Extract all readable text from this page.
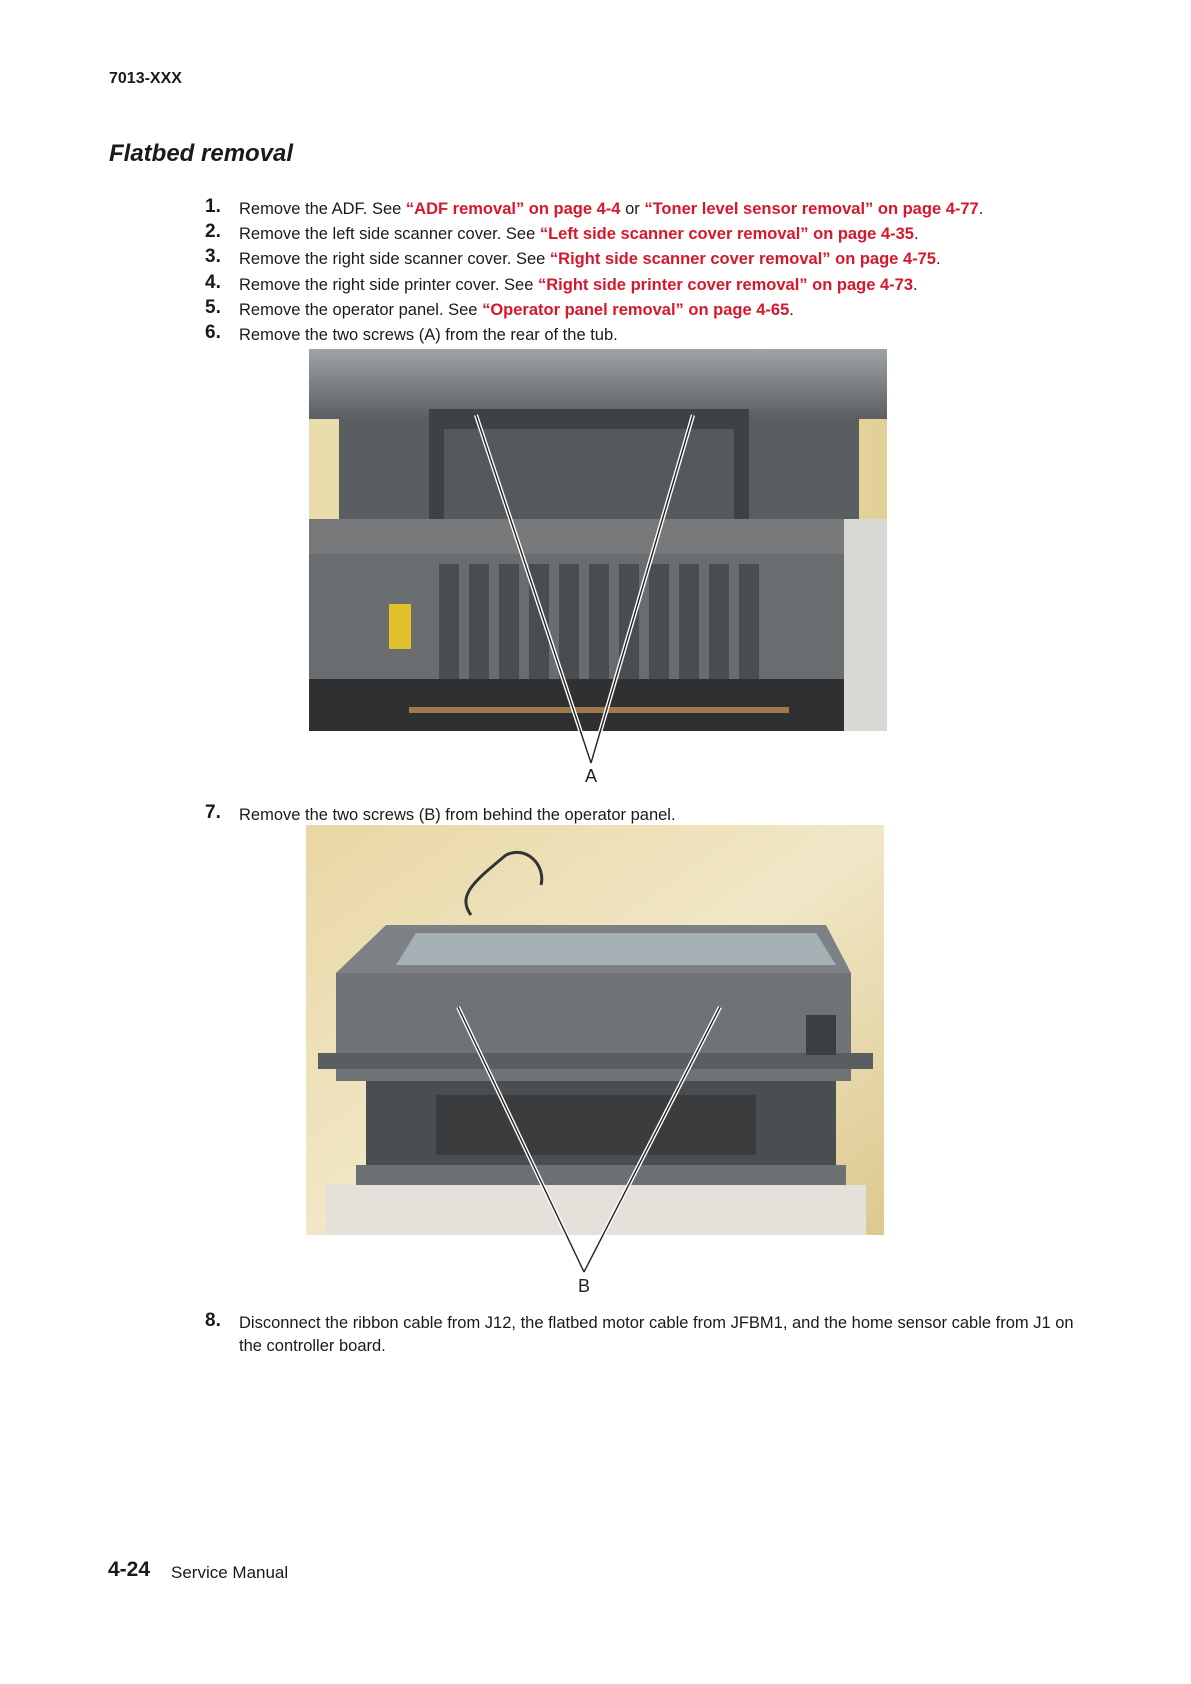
7013-XXX
Flatbed removal
1.	Remove the ADF. See “ADF removal” on page 4-4 or “Toner level sensor removal” on page 4-77.
2.	Remove the left side scanner cover. See “Left side scanner cover removal” on page 4-35.
3.	Remove the right side scanner cover. See “Right side scanner cover removal” on page 4-75.
4.	Remove the right side printer cover. See “Right side printer cover removal” on page 4-73.
5.	Remove the operator panel. See “Operator panel removal” on page 4-65.
6.	Remove the two screws (A) from the rear of the tub.
A
7.	Remove the two screws (B) from behind the operator panel.
B
8.	Disconnect the ribbon cable from J12, the flatbed motor cable from JFBM1, and the home sensor cable from J1 on the controller board.
4-24 Service Manual
